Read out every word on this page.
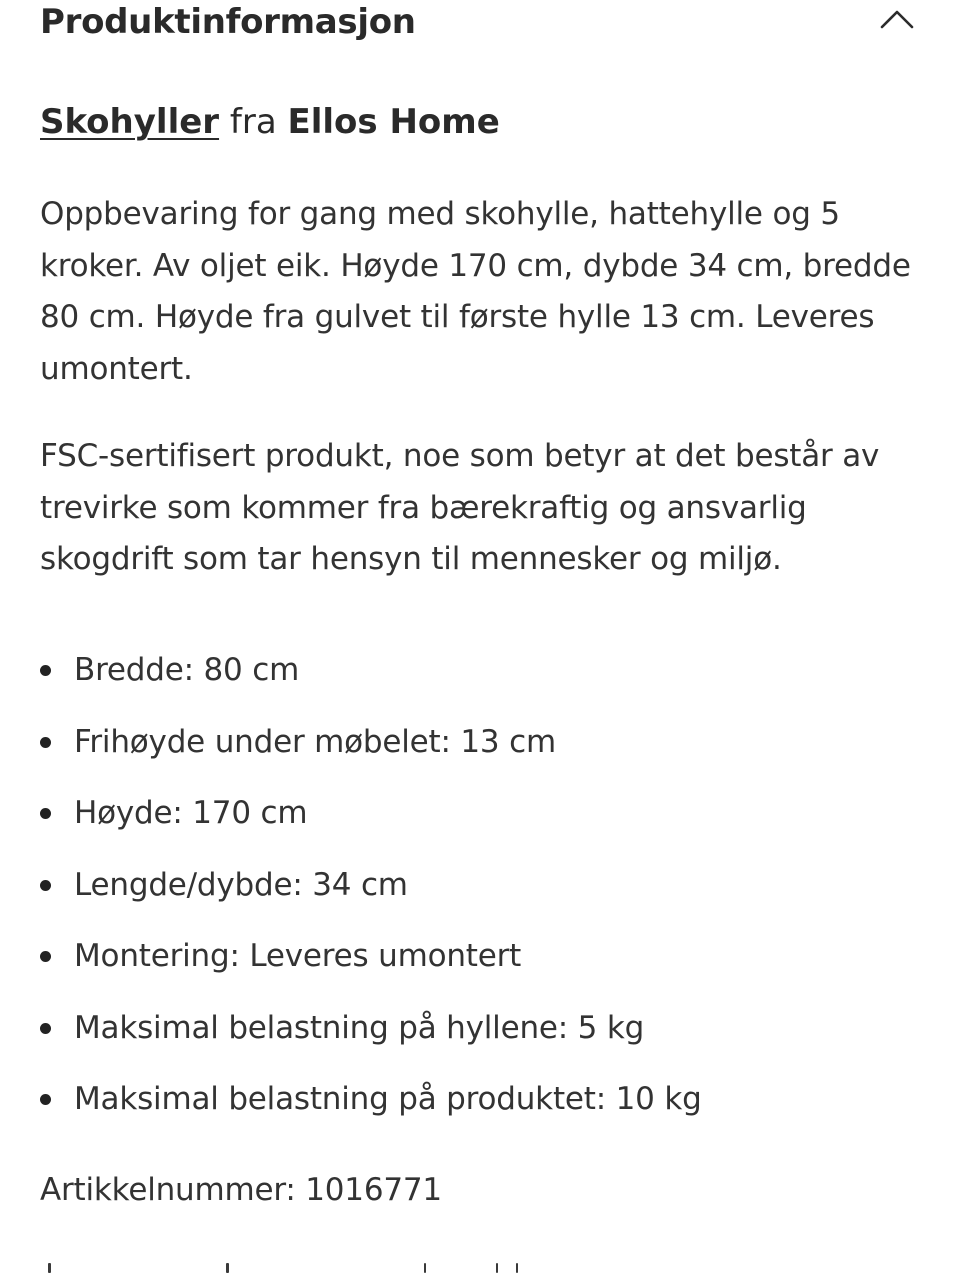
Produktinformasjon
Skohyller fra Ellos Home

Oppbevaring for gang med skohylle, hattehylle og 5 kroker. Av oljet eik. Høyde 170 cm, dybde 34 cm, bredde 80 cm. Høyde fra gulvet til første hylle 13 cm. Leveres umontert.

FSC-sertifisert produkt, noe som betyr at det består av trevirke som kommer fra bærekraftig og ansvarlig skogdrift som tar hensyn til mennesker og miljø.

Bredde: 80 cm
Frihøyde under møbelet: 13 cm
Høyde: 170 cm
Lengde/dybde: 34 cm
Montering: Leveres umontert
Maksimal belastning på hyllene: 5 kg
Maksimal belastning på produktet: 10 kg
Artikkelnummer: 1016771
